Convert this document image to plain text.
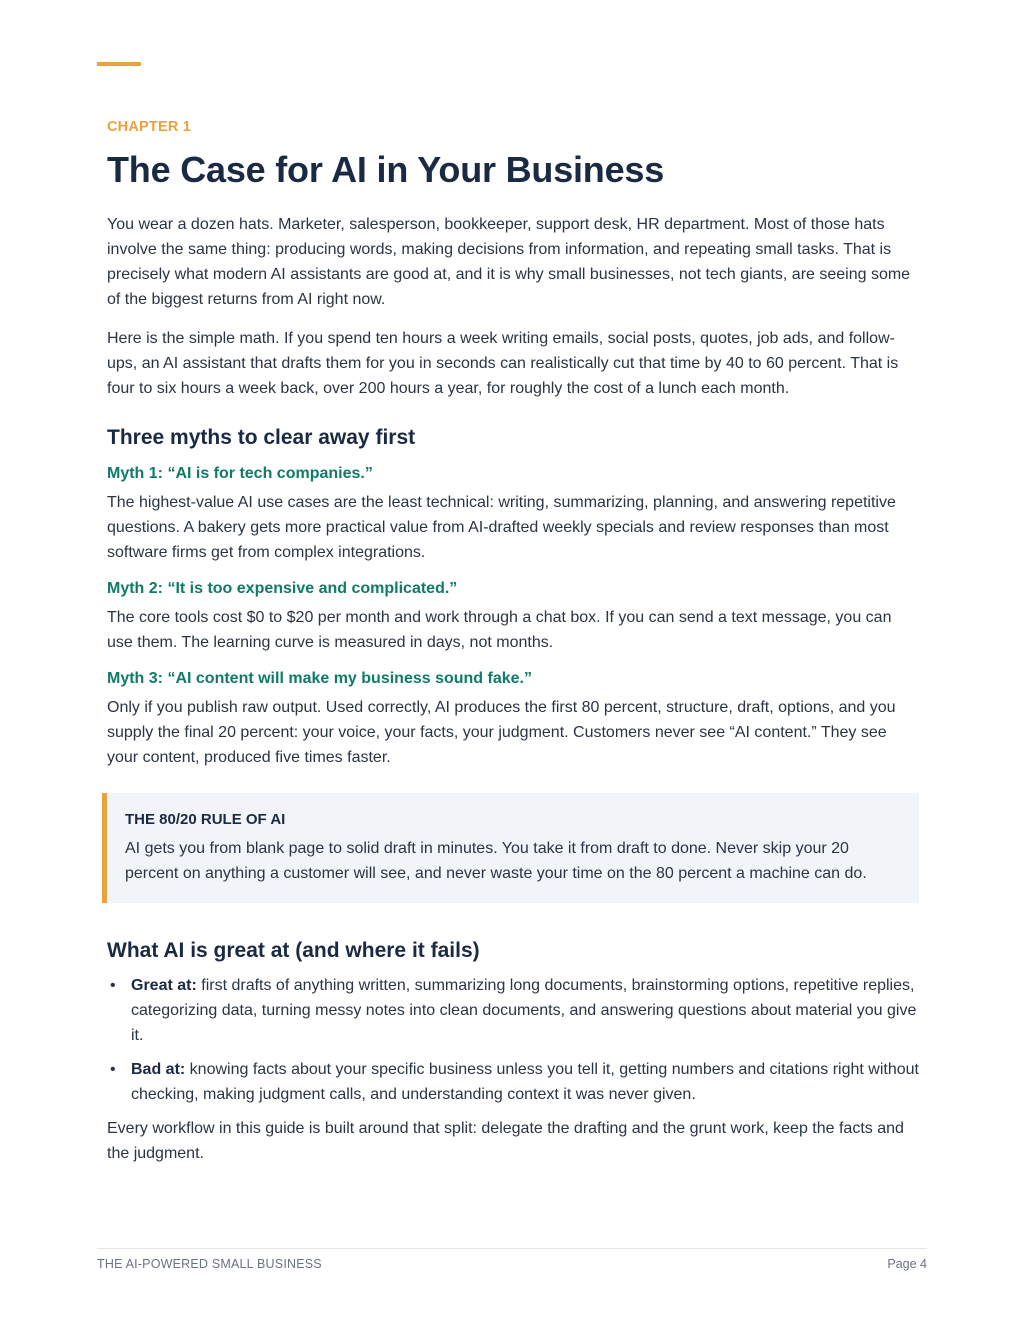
CHAPTER 1

The Case for AI in Your Business

You wear a dozen hats. Marketer, salesperson, bookkeeper, support desk, HR department. Most of those hats involve the same thing: producing words, making decisions from information, and repeating small tasks. That is precisely what modern AI assistants are good at, and it is why small businesses, not tech giants, are seeing some of the biggest returns from AI right now.

Here is the simple math. If you spend ten hours a week writing emails, social posts, quotes, job ads, and follow-ups, an AI assistant that drafts them for you in seconds can realistically cut that time by 40 to 60 percent. That is four to six hours a week back, over 200 hours a year, for roughly the cost of a lunch each month.

Three myths to clear away first
Myth 1: “AI is for tech companies.”

The highest-value AI use cases are the least technical: writing, summarizing, planning, and answering repetitive questions. A bakery gets more practical value from AI-drafted weekly specials and review responses than most software firms get from complex integrations.

Myth 2: “It is too expensive and complicated.”

The core tools cost $0 to $20 per month and work through a chat box. If you can send a text message, you can use them. The learning curve is measured in days, not months.

Myth 3: “AI content will make my business sound fake.”

Only if you publish raw output. Used correctly, AI produces the first 80 percent, structure, draft, options, and you supply the final 20 percent: your voice, your facts, your judgment. Customers never see “AI content.” They see your content, produced five times faster.

THE 80/20 RULE OF AI

AI gets you from blank page to solid draft in minutes. You take it from draft to done. Never skip your 20 percent on anything a customer will see, and never waste your time on the 80 percent a machine can do.

What AI is great at (and where it fails)
• Great at: first drafts of anything written, summarizing long documents, brainstorming options, repetitive replies, categorizing data, turning messy notes into clean documents, and answering questions about material you give it.
• Bad at: knowing facts about your specific business unless you tell it, getting numbers and citations right without checking, making judgment calls, and understanding context it was never given.

Every workflow in this guide is built around that split: delegate the drafting and the grunt work, keep the facts and the judgment.

THE AI-POWERED SMALL BUSINESS	Page 4
